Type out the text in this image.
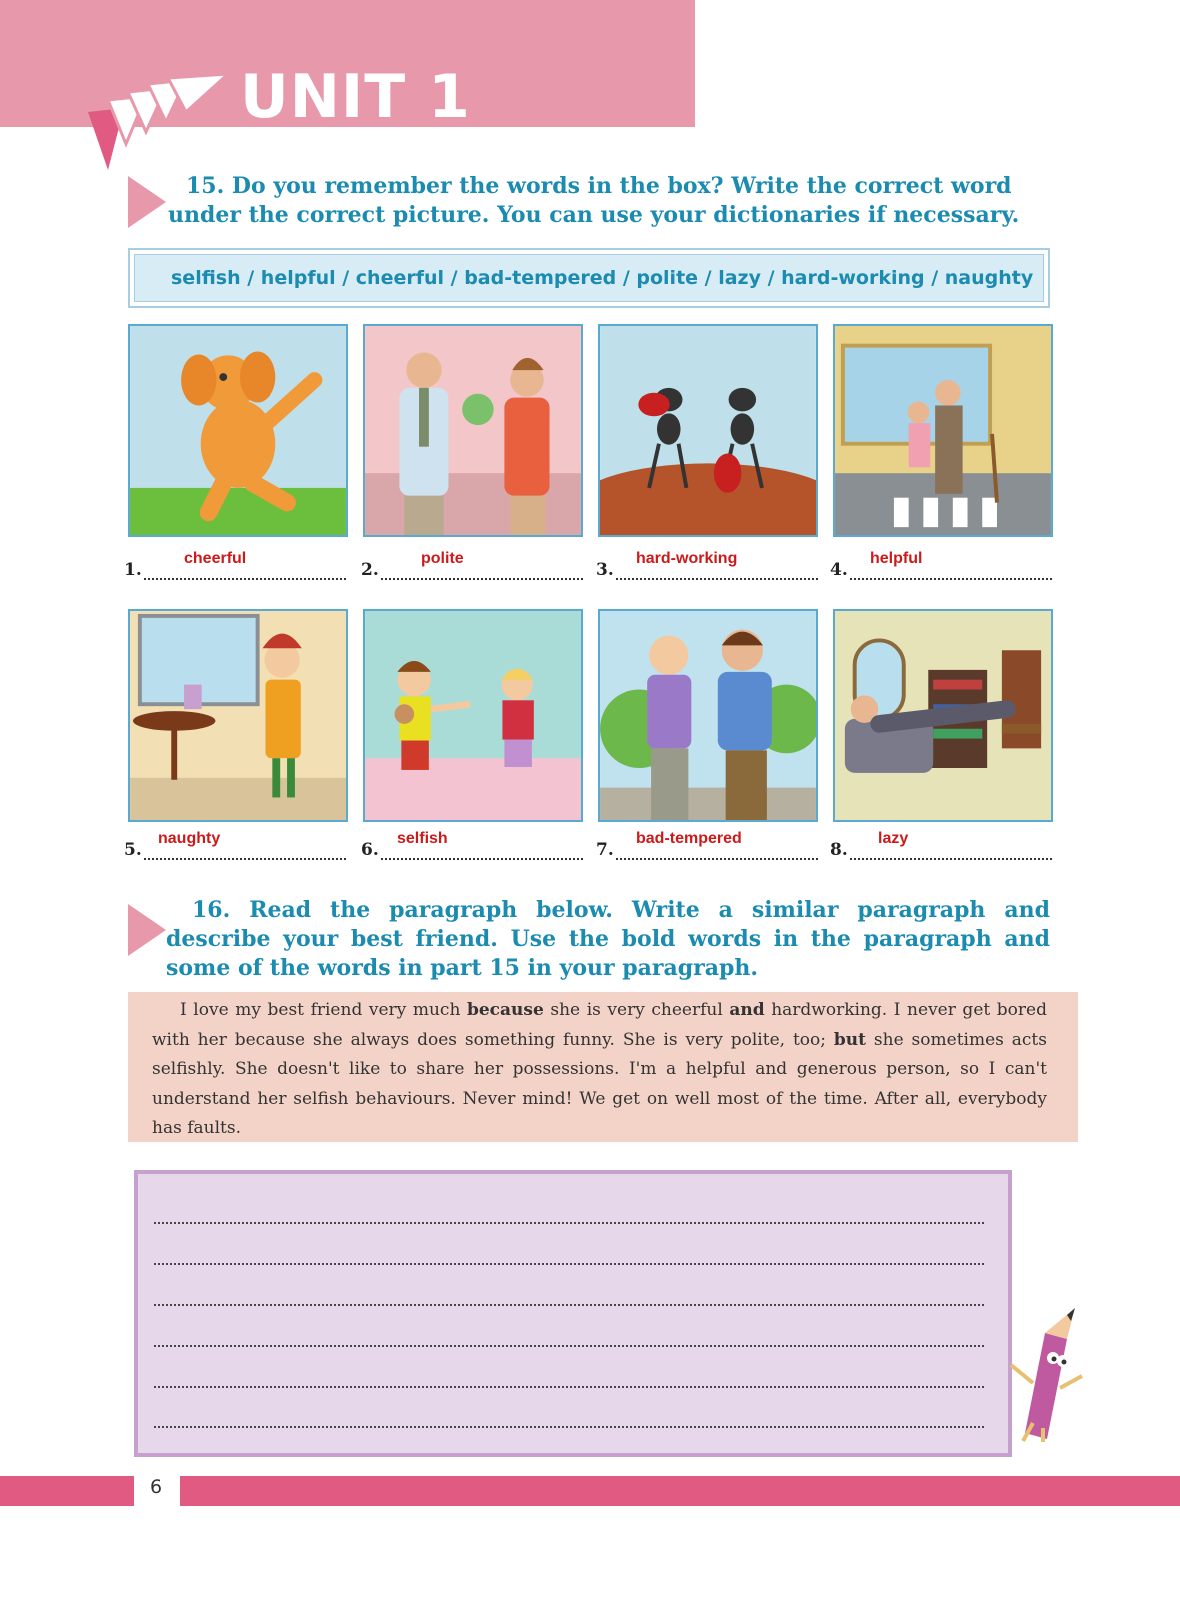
UNIT 1
15. Do you remember the words in the box? Write the correct word under the correct picture. You can use your dictionaries if necessary.
selfish / helpful / cheerful / bad-tempered / polite / lazy / hard-working / naughty
1.
cheerful
2.
polite
3.
hard-working
4.
helpful
5.
naughty
6.
selfish
7.
bad-tempered
8.
lazy
16. Read the paragraph below. Write a similar paragraph and describe your best friend. Use the bold words in the paragraph and some of the words in part 15 in your paragraph.
I love my best friend very much because she is very cheerful and hardworking. I never get bored with her because she always does something funny. She is very polite, too; but she sometimes acts selfishly. She doesn't like to share her possessions. I'm a helpful and generous person, so I can't understand her selfish behaviours. Never mind! We get on well most of the time. After all, everybody has faults.
6
